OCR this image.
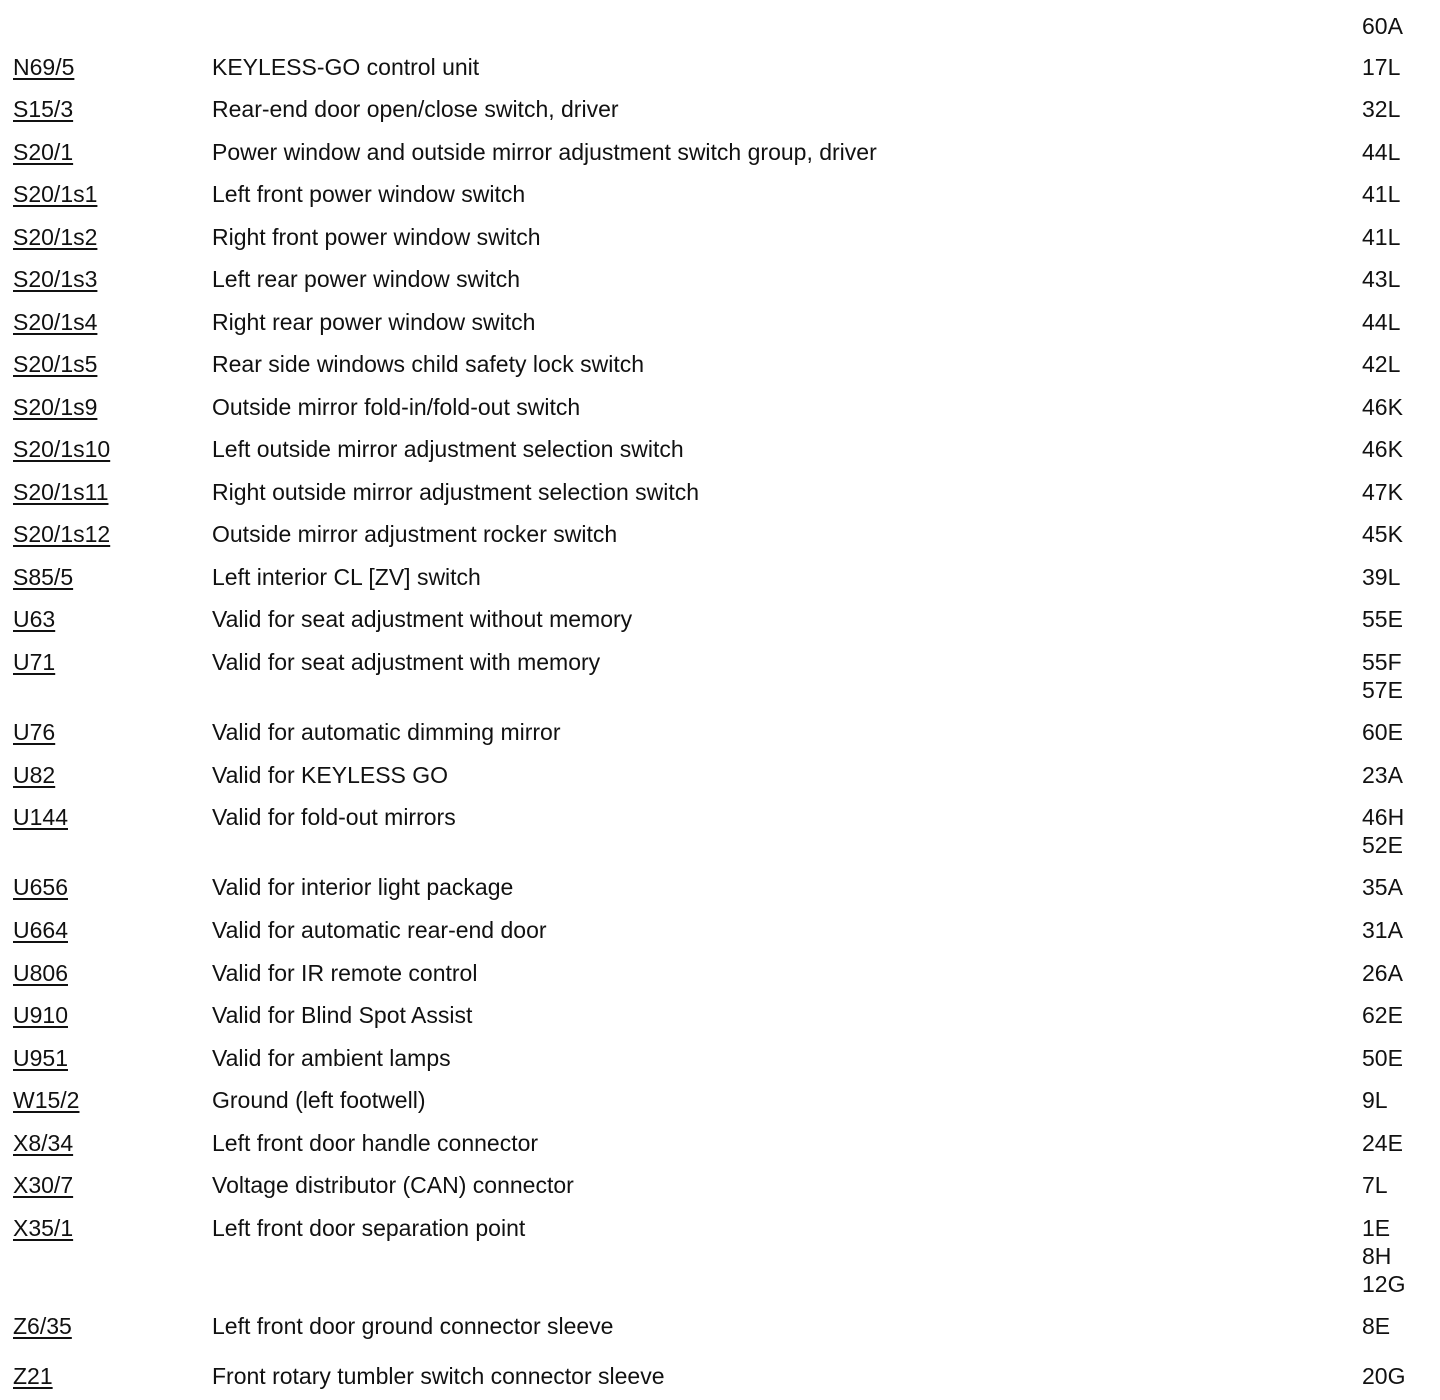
60A
N69/5	KEYLESS-GO control unit	17L
S15/3	Rear-end door open/close switch, driver	32L
S20/1	Power window and outside mirror adjustment switch group, driver	44L
S20/1s1	Left front power window switch	41L
S20/1s2	Right front power window switch	41L
S20/1s3	Left rear power window switch	43L
S20/1s4	Right rear power window switch	44L
S20/1s5	Rear side windows child safety lock switch	42L
S20/1s9	Outside mirror fold-in/fold-out switch	46K
S20/1s10	Left outside mirror adjustment selection switch	46K
S20/1s11	Right outside mirror adjustment selection switch	47K
S20/1s12	Outside mirror adjustment rocker switch	45K
S85/5	Left interior CL [ZV] switch	39L
U63	Valid for seat adjustment without memory	55E
U71	Valid for seat adjustment with memory	55F
57E
U76	Valid for automatic dimming mirror	60E
U82	Valid for KEYLESS GO	23A
U144	Valid for fold-out mirrors	46H
52E
U656	Valid for interior light package	35A
U664	Valid for automatic rear-end door	31A
U806	Valid for IR remote control	26A
U910	Valid for Blind Spot Assist	62E
U951	Valid for ambient lamps	50E
W15/2	Ground (left footwell)	9L
X8/34	Left front door handle connector	24E
X30/7	Voltage distributor (CAN) connector	7L
X35/1	Left front door separation point	1E
8H
12G
Z6/35	Left front door ground connector sleeve	8E
Z21	Front rotary tumbler switch connector sleeve	20G
